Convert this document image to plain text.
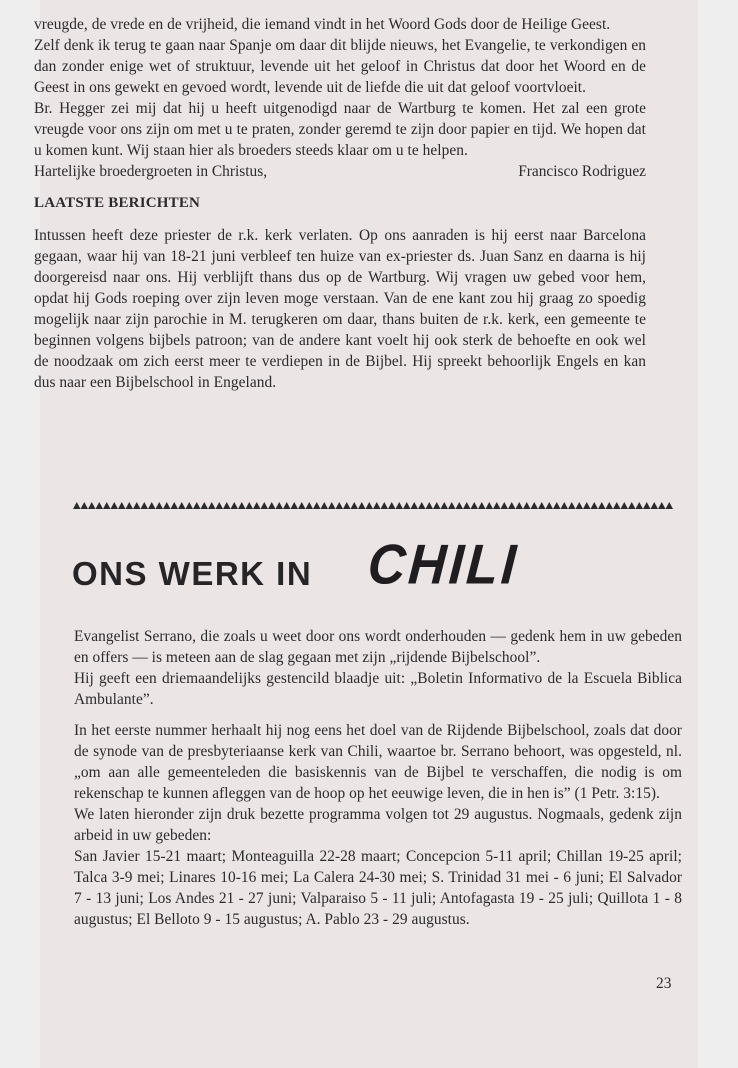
vreugde, de vrede en de vrijheid, die iemand vindt in het Woord Gods door de Heilige Geest.

Zelf denk ik terug te gaan naar Spanje om daar dit blijde nieuws, het Evangelie, te verkondigen en dan zonder enige wet of struktuur, levende uit het geloof in Christus dat door het Woord en de Geest in ons gewekt en gevoed wordt, levende uit de liefde die uit dat geloof voortvloeit.

Br. Hegger zei mij dat hij u heeft uitgenodigd naar de Wartburg te komen. Het zal een grote vreugde voor ons zijn om met u te praten, zonder geremd te zijn door papier en tijd. We hopen dat u komen kunt. Wij staan hier als broeders steeds klaar om u te helpen.

Hartelijke broedergroeten in Christus,	Francisco Rodriguez
LAATSTE BERICHTEN

Intussen heeft deze priester de r.k. kerk verlaten. Op ons aanraden is hij eerst naar Barcelona gegaan, waar hij van 18-21 juni verbleef ten huize van ex-priester ds. Juan Sanz en daarna is hij doorgereisd naar ons. Hij verblijft thans dus op de Wartburg. Wij vragen uw gebed voor hem, opdat hij Gods roeping over zijn leven moge verstaan. Van de ene kant zou hij graag zo spoedig mogelijk naar zijn parochie in M. terugkeren om daar, thans buiten de r.k. kerk, een gemeente te beginnen volgens bijbels patroon; van de andere kant voelt hij ook sterk de behoefte en ook wel de noodzaak om zich eerst meer te verdiepen in de Bijbel. Hij spreekt behoorlijk Engels en kan dus naar een Bijbelschool in Engeland.

ONS WERK IN CHILI

Evangelist Serrano, die zoals u weet door ons wordt onderhouden — gedenk hem in uw gebeden en offers — is meteen aan de slag gegaan met zijn „rijdende Bijbelschool”.

Hij geeft een driemaandelijks gestencild blaadje uit: „Boletin Informativo de la Escuela Biblica Ambulante”.

In het eerste nummer herhaalt hij nog eens het doel van de Rijdende Bijbelschool, zoals dat door de synode van de presbyteriaanse kerk van Chili, waartoe br. Serrano behoort, was opgesteld, nl. „om aan alle gemeenteleden die basiskennis van de Bijbel te verschaffen, die nodig is om rekenschap te kunnen afleggen van de hoop op het eeuwige leven, die in hen is” (1 Petr. 3:15).

We laten hieronder zijn druk bezette programma volgen tot 29 augustus. Nogmaals, gedenk zijn arbeid in uw gebeden:

San Javier 15-21 maart; Monteaguilla 22-28 maart; Concepcion 5-11 april; Chillan 19-25 april; Talca 3-9 mei; Linares 10-16 mei; La Calera 24-30 mei; S. Trinidad 31 mei - 6 juni; El Salvador 7 - 13 juni; Los Andes 21 - 27 juni; Valparaiso 5 - 11 juli; Antofagasta 19 - 25 juli; Quillota 1 - 8 augustus; El Belloto 9 - 15 augustus; A. Pablo 23 - 29 augustus.

23
